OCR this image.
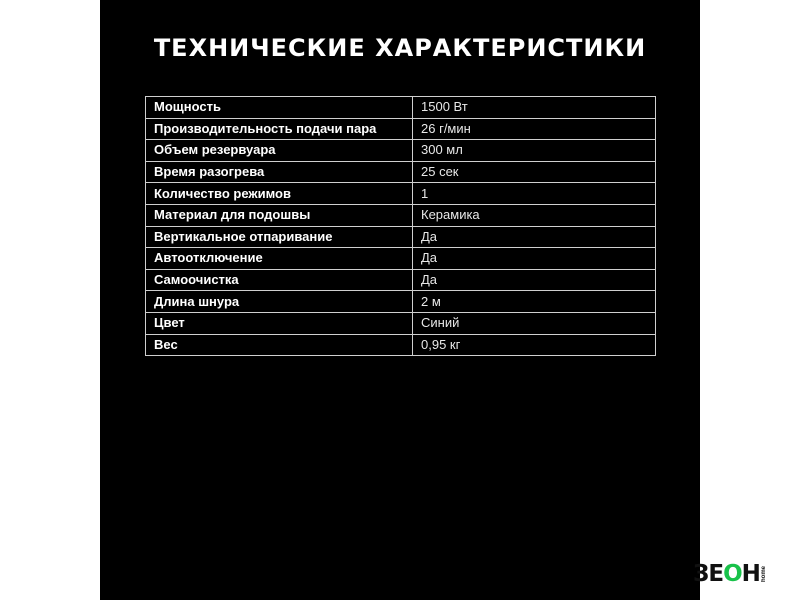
ТЕХНИЧЕСКИЕ ХАРАКТЕРИСТИКИ
Мощность	1500 Вт
Производительность подачи пара	26 г/мин
Объем резервуара	300 мл
Время разогрева	25 сек
Количество режимов	1
Материал для подошвы	Керамика
Вертикальное отпаривание	Да
Автоотключение	Да
Самоочистка	Да
Длина шнура	2 м
Цвет	Синий
Вес	0,95 кг
ЗЕОН home
